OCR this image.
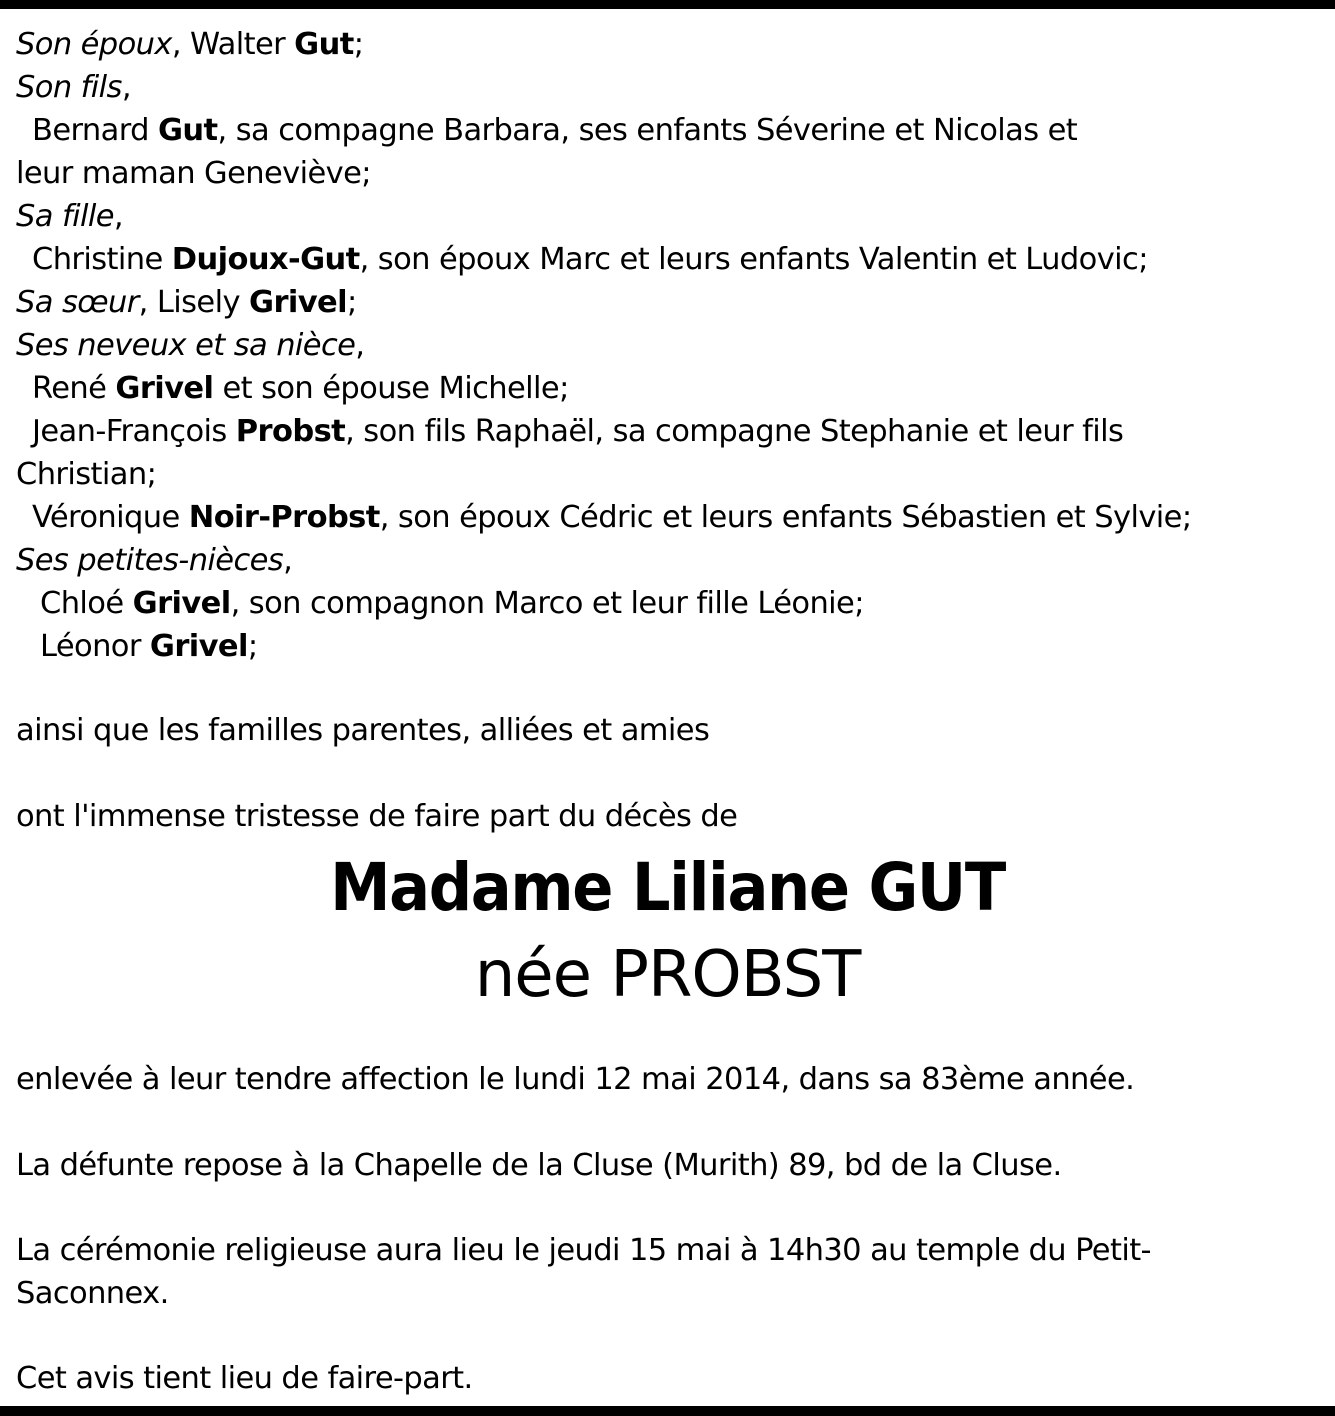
Son époux, Walter Gut;
Son fils,
Bernard Gut, sa compagne Barbara, ses enfants Séverine et Nicolas et
leur maman Geneviève;
Sa fille,
Christine Dujoux-Gut, son époux Marc et leurs enfants Valentin et Ludovic;
Sa sœur, Lisely Grivel;
Ses neveux et sa nièce,
René Grivel et son épouse Michelle;
Jean-François Probst, son fils Raphaël, sa compagne Stephanie et leur fils
Christian;
Véronique Noir-Probst, son époux Cédric et leurs enfants Sébastien et Sylvie;
Ses petites-nièces,
Chloé Grivel, son compagnon Marco et leur fille Léonie;
Léonor Grivel;
ainsi que les familles parentes, alliées et amies
ont l'immense tristesse de faire part du décès de
Madame Liliane GUT
née PROBST
enlevée à leur tendre affection le lundi 12 mai 2014, dans sa 83ème année.
La défunte repose à la Chapelle de la Cluse (Murith) 89, bd de la Cluse.
La cérémonie religieuse aura lieu le jeudi 15 mai à 14h30 au temple du Petit-
Saconnex.
Cet avis tient lieu de faire-part.
